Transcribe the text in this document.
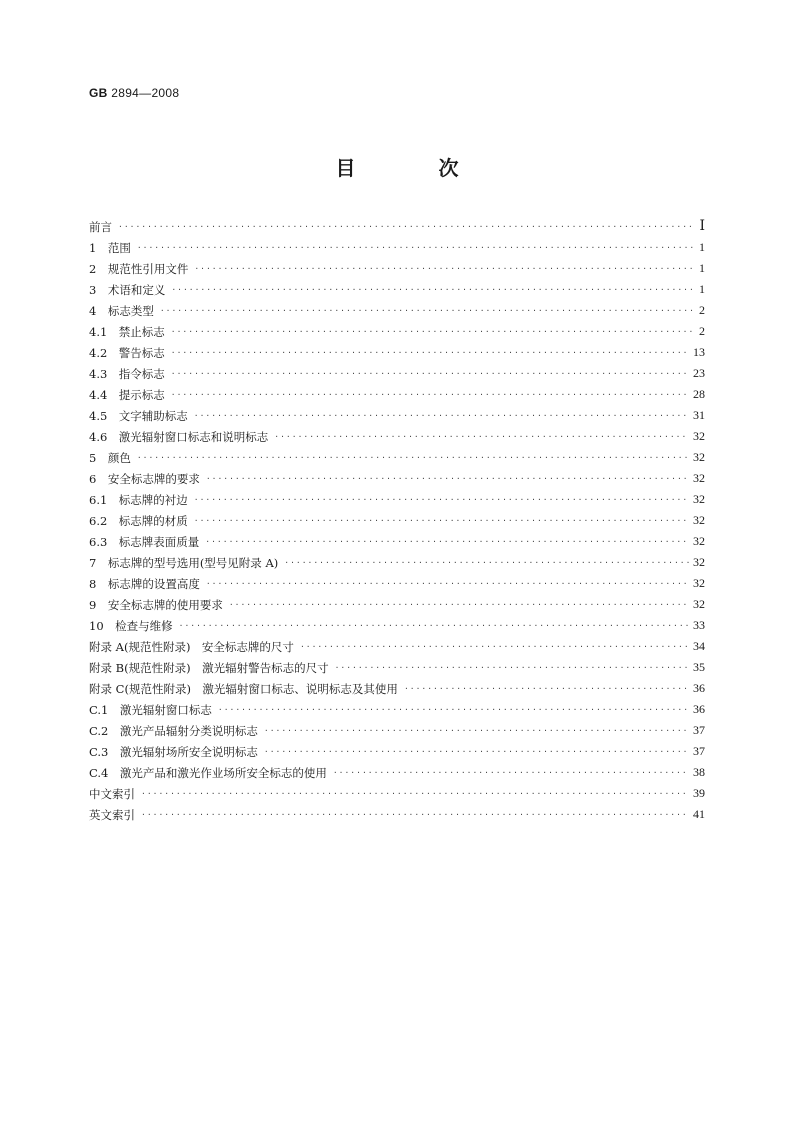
GB 2894—2008
目 次
前言 ·····	Ⅰ
1　范围 ·····	1
2　规范性引用文件 ·····	1
3　术语和定义 ·····	1
4　标志类型 ·····	2
4.1　禁止标志 ·····	2
4.2　警告标志 ·····	13
4.3　指令标志 ·····	23
4.4　提示标志 ·····	28
4.5　文字辅助标志 ·····	31
4.6　激光辐射窗口标志和说明标志 ·····	32
5　颜色 ·····	32
6　安全标志牌的要求 ·····	32
6.1　标志牌的衬边 ·····	32
6.2　标志牌的材质 ·····	32
6.3　标志牌表面质量 ·····	32
7　标志牌的型号选用(型号见附录 A) ·····	32
8　标志牌的设置高度 ·····	32
9　安全标志牌的使用要求 ·····	32
10　检查与维修 ·····	33
附录 A(规范性附录)　安全标志牌的尺寸 ·····	34
附录 B(规范性附录)　激光辐射警告标志的尺寸 ·····	35
附录 C(规范性附录)　激光辐射窗口标志、说明标志及其使用 ·····	36
C.1　激光辐射窗口标志 ·····	36
C.2　激光产品辐射分类说明标志 ·····	37
C.3　激光辐射场所安全说明标志 ·····	37
C.4　激光产品和激光作业场所安全标志的使用 ·····	38
中文索引 ·····	39
英文索引 ·····	41
